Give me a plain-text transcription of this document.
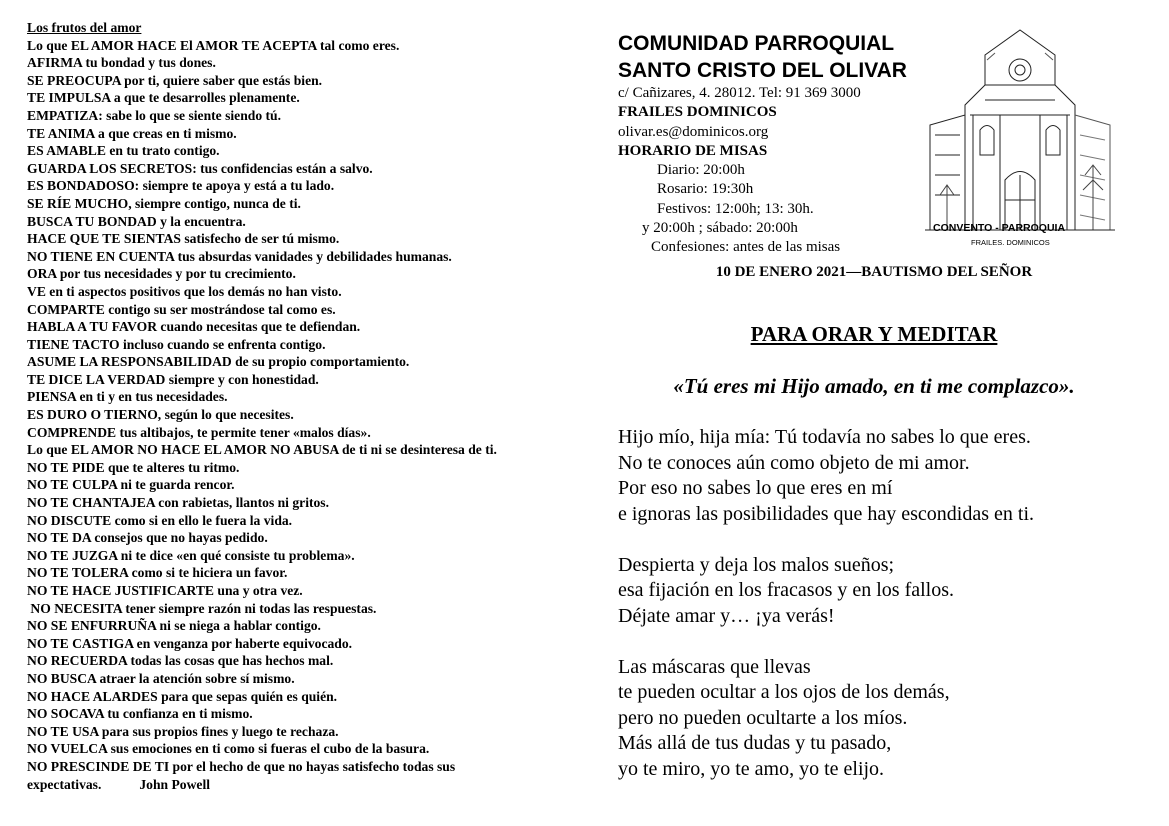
Los frutos del amor
Lo que EL AMOR HACE El AMOR TE ACEPTA tal como eres.
AFIRMA tu bondad y tus dones.
SE PREOCUPA por ti, quiere saber que estás bien.
TE IMPULSA a que te desarrolles plenamente.
EMPATIZA: sabe lo que se siente siendo tú.
TE ANIMA a que creas en ti mismo.
ES AMABLE en tu trato contigo.
GUARDA LOS SECRETOS: tus confidencias están a salvo.
ES BONDADOSO: siempre te apoya y está a tu lado.
SE RÍE MUCHO, siempre contigo, nunca de ti.
BUSCA TU BONDAD y la encuentra.
HACE QUE TE SIENTAS satisfecho de ser tú mismo.
NO TIENE EN CUENTA tus absurdas vanidades y debilidades humanas.
ORA por tus necesidades y por tu crecimiento.
VE en ti aspectos positivos que los demás no han visto.
COMPARTE contigo su ser mostrándose tal como es.
HABLA A TU FAVOR cuando necesitas que te defiendan.
TIENE TACTO incluso cuando se enfrenta contigo.
ASUME LA RESPONSABILIDAD de su propio comportamiento.
TE DICE LA VERDAD siempre y con honestidad.
PIENSA en ti y en tus necesidades.
ES DURO O TIERNO, según lo que necesites.
COMPRENDE tus altibajos, te permite tener «malos días».
Lo que EL AMOR NO HACE EL AMOR NO ABUSA de ti ni se desinteresa de ti.
NO TE PIDE que te alteres tu ritmo.
NO TE CULPA ni te guarda rencor.
NO TE CHANTAJEA con rabietas, llantos ni gritos.
NO DISCUTE como si en ello le fuera la vida.
NO TE DA consejos que no hayas pedido.
NO TE JUZGA ni te dice «en qué consiste tu problema».
NO TE TOLERA como si te hiciera un favor.
NO TE HACE JUSTIFICARTE una y otra vez.
NO NECESITA tener siempre razón ni todas las respuestas.
NO SE ENFURRUÑA ni se niega a hablar contigo.
NO TE CASTIGA en venganza por haberte equivocado.
NO RECUERDA todas las cosas que has hechos mal.
NO BUSCA atraer la atención sobre sí mismo.
NO HACE ALARDES para que sepas quién es quién.
NO SOCAVA tu confianza en ti mismo.
NO TE USA para sus propios fines y luego te rechaza.
NO VUELCA sus emociones en ti como si fueras el cubo de la basura.
NO PRESCINDE DE TI por el hecho de que no hayas satisfecho todas sus expectativas.	John Powell
COMUNIDAD PARROQUIAL
SANTO CRISTO DEL OLIVAR
c/ Cañizares, 4. 28012. Tel: 91 369 3000
FRAILES DOMINICOS
olivar.es@dominicos.org
HORARIO DE MISAS
Diario: 20:00h
Rosario: 19:30h
Festivos: 12:00h; 13: 30h.
y 20:00h ; sábado: 20:00h
Confesiones: antes de las misas
CONVENTO - PARROQUIA
FRAILES. DOMINICOS
10 DE ENERO 2021—BAUTISMO DEL SEÑOR
PARA ORAR Y MEDITAR
«Tú eres mi Hijo amado, en ti me complazco».
Hijo mío, hija mía: Tú todavía no sabes lo que eres.
No te conoces aún como objeto de mi amor.
Por eso no sabes lo que eres en mí
e ignoras las posibilidades que hay escondidas en ti.
Despierta y deja los malos sueños;
esa fijación en los fracasos y en los fallos.
Déjate amar y… ¡ya verás!
Las máscaras que llevas
te pueden ocultar a los ojos de los demás,
pero no pueden ocultarte a los míos.
Más allá de tus dudas y tu pasado,
yo te miro, yo te amo, yo te elijo.
